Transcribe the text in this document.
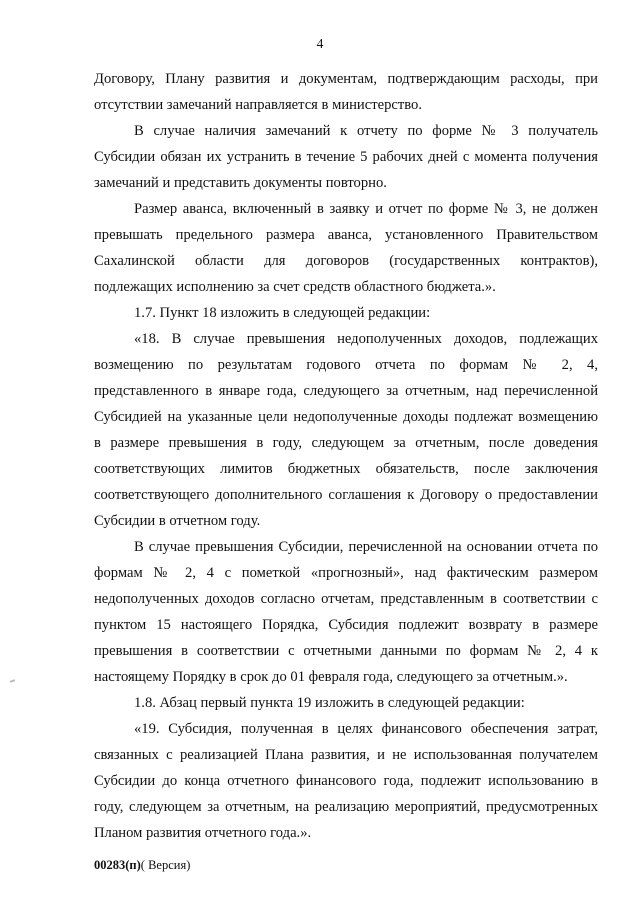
4

Договору, Плану развития и документам, подтверждающим расходы, при

отсутствии замечаний направляется в министерство.

В случае наличия замечаний к отчету по форме № 3 получатель

Субсидии обязан их устранить в течение 5 рабочих дней с момента получения

замечаний и представить документы повторно.

Размер аванса, включенный в заявку и отчет по форме № 3, не должен

превышать предельного размера аванса, установленного Правительством

Сахалинской области для договоров (государственных контрактов),

подлежащих исполнению за счет средств областного бюджета.».

1.7. Пункт 18 изложить в следующей редакции:

«18. В случае превышения недополученных доходов, подлежащих

возмещению по результатам годового отчета по формам № 2, 4,

представленного в январе года, следующего за отчетным, над перечисленной

Субсидией на указанные цели недополученные доходы подлежат возмещению

в размере превышения в году, следующем за отчетным, после доведения

соответствующих лимитов бюджетных обязательств, после заключения

соответствующего дополнительного соглашения к Договору о предоставлении

Субсидии в отчетном году.

В случае превышения Субсидии, перечисленной на основании отчета по

формам № 2, 4 с пометкой «прогнозный», над фактическим размером

недополученных доходов согласно отчетам, представленным в соответствии с

пунктом 15 настоящего Порядка, Субсидия подлежит возврату в размере

превышения в соответствии с отчетными данными по формам № 2, 4 к

настоящему Порядку в срок до 01 февраля года, следующего за отчетным.».

1.8. Абзац первый пункта 19 изложить в следующей редакции:

«19. Субсидия, полученная в целях финансового обеспечения затрат,

связанных с реализацией Плана развития, и не использованная получателем

Субсидии до конца отчетного финансового года, подлежит использованию в

году, следующем за отчетным, на реализацию мероприятий, предусмотренных

Планом развития отчетного года.».

00283(п)( Версия)
